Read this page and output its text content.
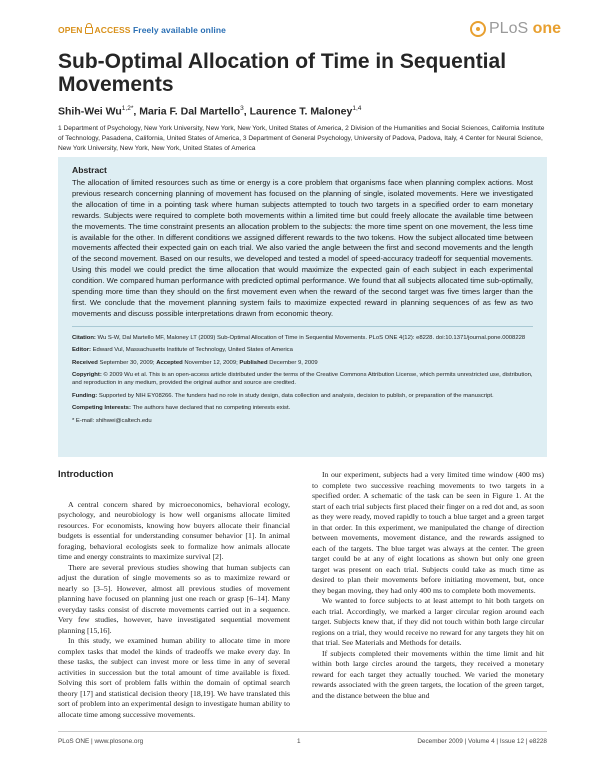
OPEN ACCESS Freely available online	PLoS one
Sub-Optimal Allocation of Time in Sequential Movements
Shih-Wei $Wu^{1,2*}$, Maria F. Dal Martello$^3$, Laurence T. Maloney$^{1,4}$
1 Department of Psychology, New York University, New York, New York, United States of America, 2 Division of the Humanities and Social Sciences, California Institute of Technology, Pasadena, California, United States of America, 3 Department of General Psychology, University of Padova, Padova, Italy, 4 Center for Neural Science, New York University, New York, New York, United States of America
Abstract

The allocation of limited resources such as time or energy is a core problem that organisms face when planning complex actions. Most previous research concerning planning of movement has focused on the planning of single, isolated movements. Here we investigated the allocation of time in a pointing task where human subjects attempted to touch two targets in a specified order to earn monetary rewards. Subjects were required to complete both movements within a limited time but could freely allocate the available time between the movements. The time constraint presents an allocation problem to the subjects: the more time spent on one movement, the less time is available for the other. In different conditions we assigned different rewards to the two tokens. How the subject allocated time between movements affected their expected gain on each trial. We also varied the angle between the first and second movements and the length of the second movement. Based on our results, we developed and tested a model of speed-accuracy tradeoff for sequential movements. Using this model we could predict the time allocation that would maximize the expected gain of each subject in each experimental condition. We compared human performance with predicted optimal performance. We found that all subjects allocated time sub-optimally, spending more time than they should on the first movement even when the reward of the second target was five times larger than the first. We conclude that the movement planning system fails to maximize expected reward in planning sequences of as few as two movements and discuss possible interpretations drawn from economic theory.

Citation: Wu S-W, Dal Martello MF, Maloney LT (2009) Sub-Optimal Allocation of Time in Sequential Movements. PLoS ONE 4(12): e8228. doi:10.1371/journal.pone.0008228

Editor: Edward Vul, Massachusetts Institute of Technology, United States of America

Received September 30, 2009; Accepted November 12, 2009; Published December 9, 2009

Copyright: © 2009 Wu et al. This is an open-access article distributed under the terms of the Creative Commons Attribution License, which permits unrestricted use, distribution, and reproduction in any medium, provided the original author and source are credited.

Funding: Supported by NIH EY08266. The funders had no role in study design, data collection and analysis, decision to publish, or preparation of the manuscript.

Competing Interests: The authors have declared that no competing interests exist.

* E-mail: shihwei@caltech.edu

Introduction

A central concern shared by microeconomics, behavioral ecology, psychology, and neurobiology is how well organisms allocate limited resources. For economists, knowing how buyers allocate their financial budgets is essential for understanding consumer behavior [1]. In animal foraging, behavioral ecologists seek to formalize how animals allocate time and energy constraints to maximize survival [2].

There are several previous studies showing that human subjects can adjust the duration of single movements so as to maximize reward or nearly so [3–5]. However, almost all previous studies of movement planning have focused on planning just one reach or grasp [6–14]. Many everyday tasks consist of discrete movements carried out in a sequence. Very few studies, however, have investigated sequential movement planning [15,16].

In this study, we examined human ability to allocate time in more complex tasks that model the kinds of tradeoffs we make every day. In these tasks, the subject can invest more or less time in any of several activities in succession but the total amount of time available is fixed. Solving this sort of problem falls within the domain of optimal search theory [17] and statistical decision theory [18,19]. We have translated this sort of problem into an experimental design to investigate human ability to allocate time among successive movements.

In our experiment, subjects had a very limited time window (400 ms) to complete two successive reaching movements to two targets in a specified order. A schematic of the task can be seen in Figure 1. At the start of each trial subjects first placed their finger on a red dot and, as soon as they were ready, moved rapidly to touch a blue target and a green target in that order. In this experiment, we manipulated the change of direction between movements, movement distance, and the rewards assigned to each of the targets. The blue target was always at the center. The green target could be at any of eight locations as shown but only one green target was present on each trial. Subjects could take as much time as desired to plan their movements before initiating movement, but, once they began moving, they had only 400 ms to complete both movements.

We wanted to force subjects to at least attempt to hit both targets on each trial. Accordingly, we marked a larger circular region around each target. Subjects knew that, if they did not touch within both large circular regions on a trial, they would receive no reward for any targets they hit on that trial. See Materials and Methods for details.

If subjects completed their movements within the time limit and hit within both large circles around the targets, they received a monetary reward for each target they actually touched. We varied the monetary rewards associated with the green targets, the location of the green target, and the distance between the blue and

PLoS ONE | www.plosone.org	1	December 2009 | Volume 4 | Issue 12 | e8228
